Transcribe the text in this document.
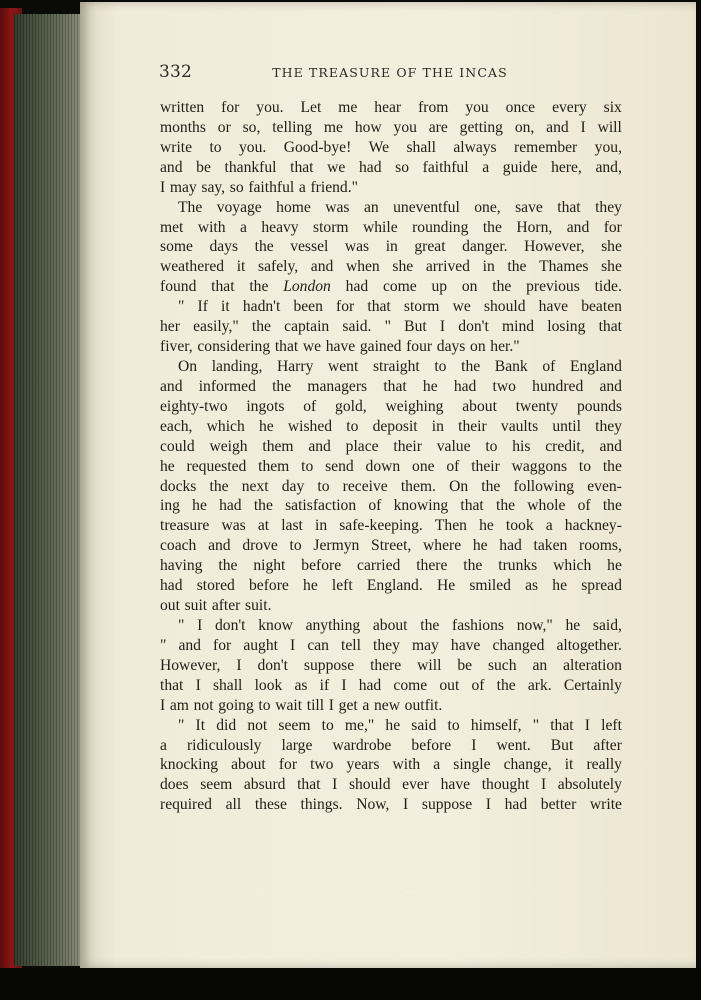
332	THE TREASURE OF THE INCAS
written for you. Let me hear from you once every six
months or so, telling me how you are getting on, and I will
write to you. Good-bye! We shall always remember you,
and be thankful that we had so faithful a guide here, and,
I may say, so faithful a friend."
The voyage home was an uneventful one, save that they
met with a heavy storm while rounding the Horn, and for
some days the vessel was in great danger. However, she
weathered it safely, and when she arrived in the Thames she
found that the London had come up on the previous tide.
" If it hadn't been for that storm we should have beaten
her easily," the captain said. " But I don't mind losing that
fiver, considering that we have gained four days on her."
On landing, Harry went straight to the Bank of England
and informed the managers that he had two hundred and
eighty-two ingots of gold, weighing about twenty pounds
each, which he wished to deposit in their vaults until they
could weigh them and place their value to his credit, and
he requested them to send down one of their waggons to the
docks the next day to receive them. On the following even-
ing he had the satisfaction of knowing that the whole of the
treasure was at last in safe-keeping. Then he took a hackney-
coach and drove to Jermyn Street, where he had taken rooms,
having the night before carried there the trunks which he
had stored before he left England. He smiled as he spread
out suit after suit.
" I don't know anything about the fashions now," he said,
" and for aught I can tell they may have changed altogether.
However, I don't suppose there will be such an alteration
that I shall look as if I had come out of the ark. Certainly
I am not going to wait till I get a new outfit.
" It did not seem to me," he said to himself, " that I left
a ridiculously large wardrobe before I went. But after
knocking about for two years with a single change, it really
does seem absurd that I should ever have thought I absolutely
required all these things. Now, I suppose I had better write
